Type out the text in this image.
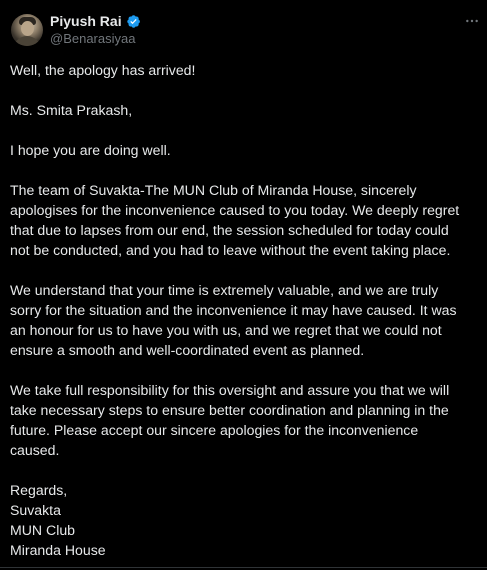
Piyush Rai
@Benarasiyaa

Well, the apology has arrived!

Ms. Smita Prakash,

I hope you are doing well.

The team of Suvakta-The MUN Club of Miranda House, sincerely
apologises for the inconvenience caused to you today. We deeply regret
that due to lapses from our end, the session scheduled for today could
not be conducted, and you had to leave without the event taking place.

We understand that your time is extremely valuable, and we are truly
sorry for the situation and the inconvenience it may have caused. It was
an honour for us to have you with us, and we regret that we could not
ensure a smooth and well-coordinated event as planned.

We take full responsibility for this oversight and assure you that we will
take necessary steps to ensure better coordination and planning in the
future. Please accept our sincere apologies for the inconvenience
caused.

Regards,
Suvakta
MUN Club
Miranda House
